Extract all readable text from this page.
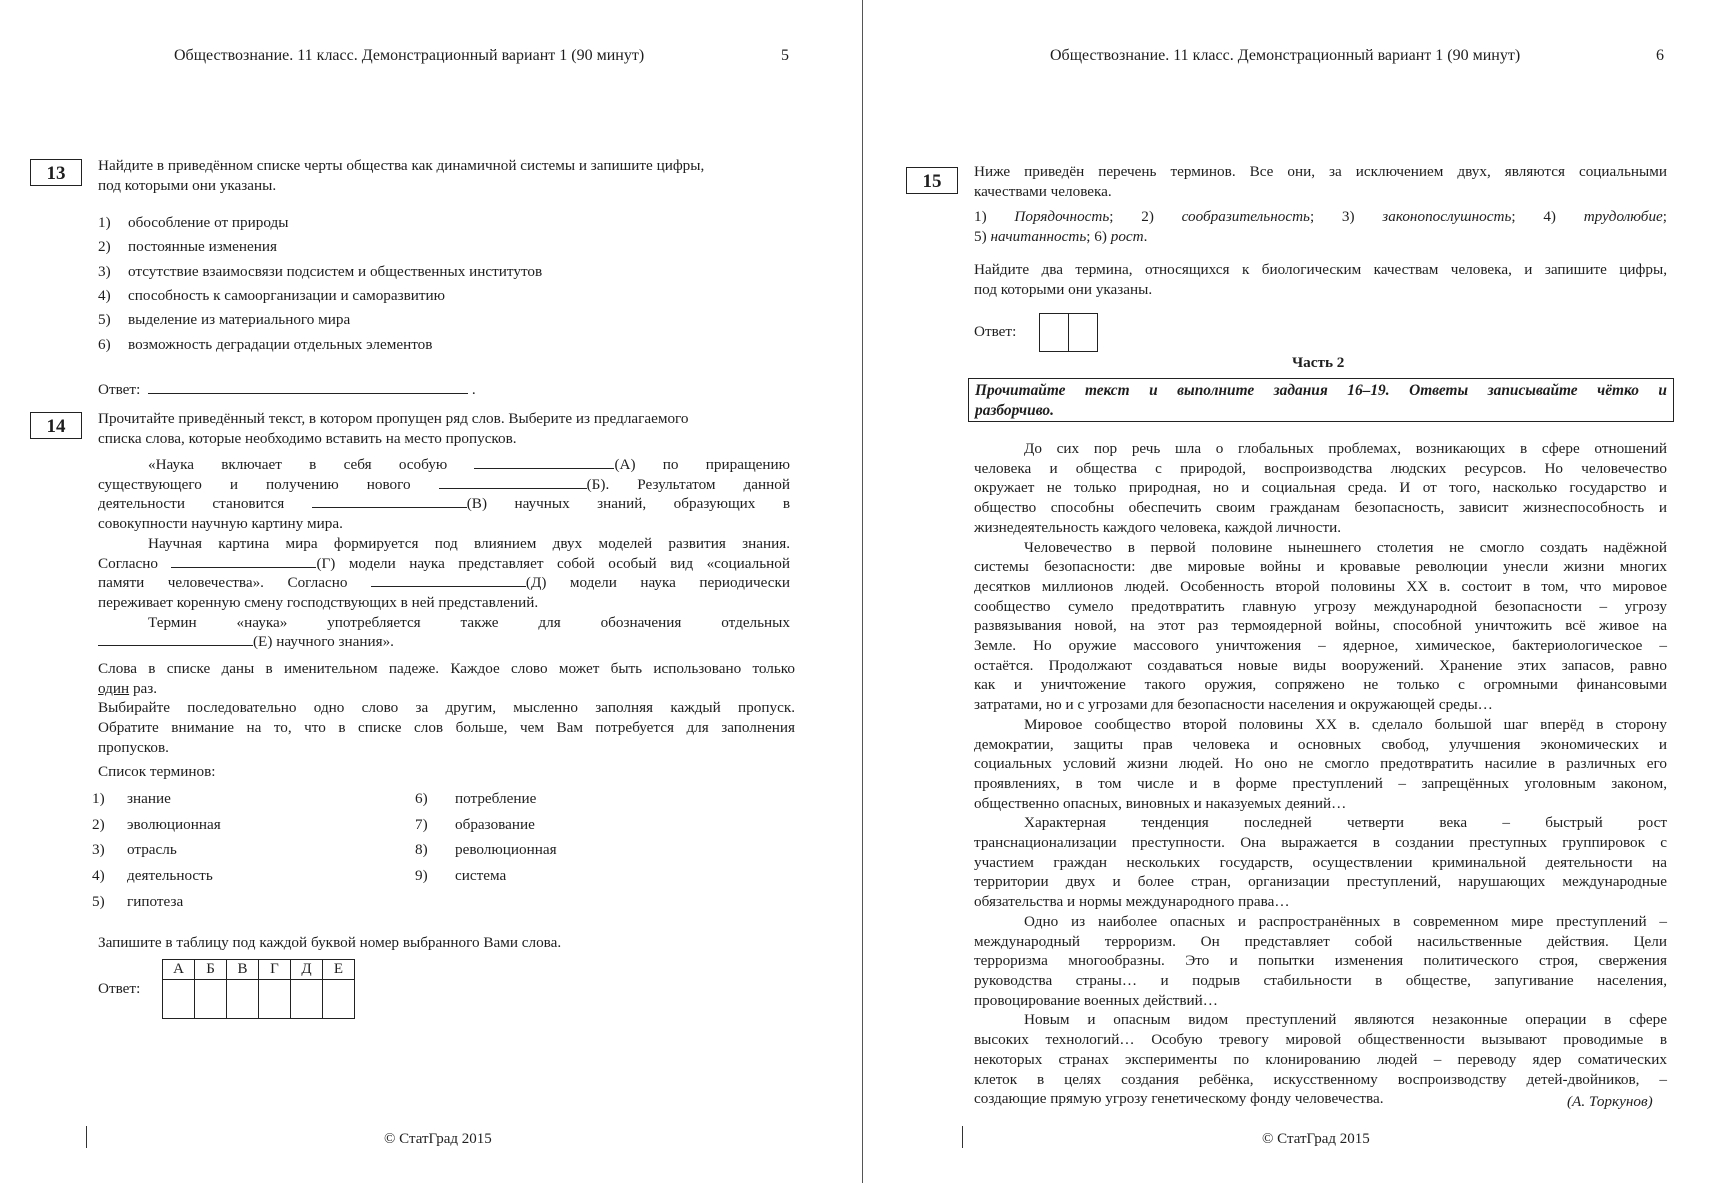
Обществознание. 11 класс. Демонстрационный вариант 1 (90 минут)	5
13	Найдите в приведённом списке черты общества как динамичной системы и запишите цифры,
под которыми они указаны.
1) обособление от природы
2) постоянные изменения
3) отсутствие взаимосвязи подсистем и общественных институтов
4) способность к самоорганизации и саморазвитию
5) выделение из материального мира
6) возможность деградации отдельных элементов
Ответ:	.
14	Прочитайте приведённый текст, в котором пропущен ряд слов. Выберите из предлагаемого
списка слова, которые необходимо вставить на место пропусков.
«Наука включает в себя особую	(А) по приращению
существующего и получению нового	(Б). Результатом данной
деятельности становится	(В) научных знаний, образующих в
совокупности научную картину мира.
Научная картина мира формируется под влиянием двух моделей развития знания.
Согласно	(Г) модели наука представляет собой особый вид «социальной
памяти человечества». Согласно	(Д) модели наука периодически
переживает коренную смену господствующих в ней представлений.
Термин «наука» употребляется также для обозначения отдельных
(Е) научного знания».
Слова в списке даны в именительном падеже. Каждое слово может быть использовано только
один раз.
Выбирайте последовательно одно слово за другим, мысленно заполняя каждый пропуск.
Обратите внимание на то, что в списке слов больше, чем Вам потребуется для заполнения
пропусков.
Список терминов:
1) знание
2) эволюционная
3) отрасль
4) деятельность
5) гипотеза
6) потребление
7) образование
8) революционная
9) система
Запишите в таблицу под каждой буквой номер выбранного Вами слова.
Ответ:
А	Б	В	Г	Д	Е

© СтатГрад 2015
Обществознание. 11 класс. Демонстрационный вариант 1 (90 минут)	6
15	Ниже приведён перечень терминов. Все они, за исключением двух, являются социальными
качествами человека.
1) Порядочность; 2) сообразительность; 3) законопослушность; 4) трудолюбие;
5) начитанность; 6) рост.
Найдите два термина, относящихся к биологическим качествам человека, и запишите цифры,
под которыми они указаны.
Ответ:
Часть 2
Прочитайте текст и выполните задания 16–19. Ответы записывайте чётко и
разборчиво.
До сих пор речь шла о глобальных проблемах, возникающих в сфере отношений
человека и общества с природой, воспроизводства людских ресурсов. Но человечество
окружает не только природная, но и социальная среда. И от того, насколько государство и
общество способны обеспечить своим гражданам безопасность, зависит жизнеспособность и
жизнедеятельность каждого человека, каждой личности.
Человечество в первой половине нынешнего столетия не смогло создать надёжной
системы безопасности: две мировые войны и кровавые революции унесли жизни многих
десятков миллионов людей. Особенность второй половины XX в. состоит в том, что мировое
сообщество сумело предотвратить главную угрозу международной безопасности – угрозу
развязывания новой, на этот раз термоядерной войны, способной уничтожить всё живое на
Земле. Но оружие массового уничтожения – ядерное, химическое, бактериологическое –
остаётся. Продолжают создаваться новые виды вооружений. Хранение этих запасов, равно
как и уничтожение такого оружия, сопряжено не только с огромными финансовыми
затратами, но и с угрозами для безопасности населения и окружающей среды…
Мировое сообщество второй половины XX в. сделало большой шаг вперёд в сторону
демократии, защиты прав человека и основных свобод, улучшения экономических и
социальных условий жизни людей. Но оно не смогло предотвратить насилие в различных его
проявлениях, в том числе и в форме преступлений – запрещённых уголовным законом,
общественно опасных, виновных и наказуемых деяний…
Характерная тенденция последней четверти века – быстрый рост
транснационализации преступности. Она выражается в создании преступных группировок с
участием граждан нескольких государств, осуществлении криминальной деятельности на
территории двух и более стран, организации преступлений, нарушающих международные
обязательства и нормы международного права…
Одно из наиболее опасных и распространённых в современном мире преступлений –
международный терроризм. Он представляет собой насильственные действия. Цели
терроризма многообразны. Это и попытки изменения политического строя, свержения
руководства страны… и подрыв стабильности в обществе, запугивание населения,
провоцирование военных действий…
Новым и опасным видом преступлений являются незаконные операции в сфере
высоких технологий… Особую тревогу мировой общественности вызывают проводимые в
некоторых странах эксперименты по клонированию людей – переводу ядер соматических
клеток в целях создания ребёнка, искусственному воспроизводству детей-двойников, –
создающие прямую угрозу генетическому фонду человечества.	(А. Торкунов)
© СтатГрад 2015
